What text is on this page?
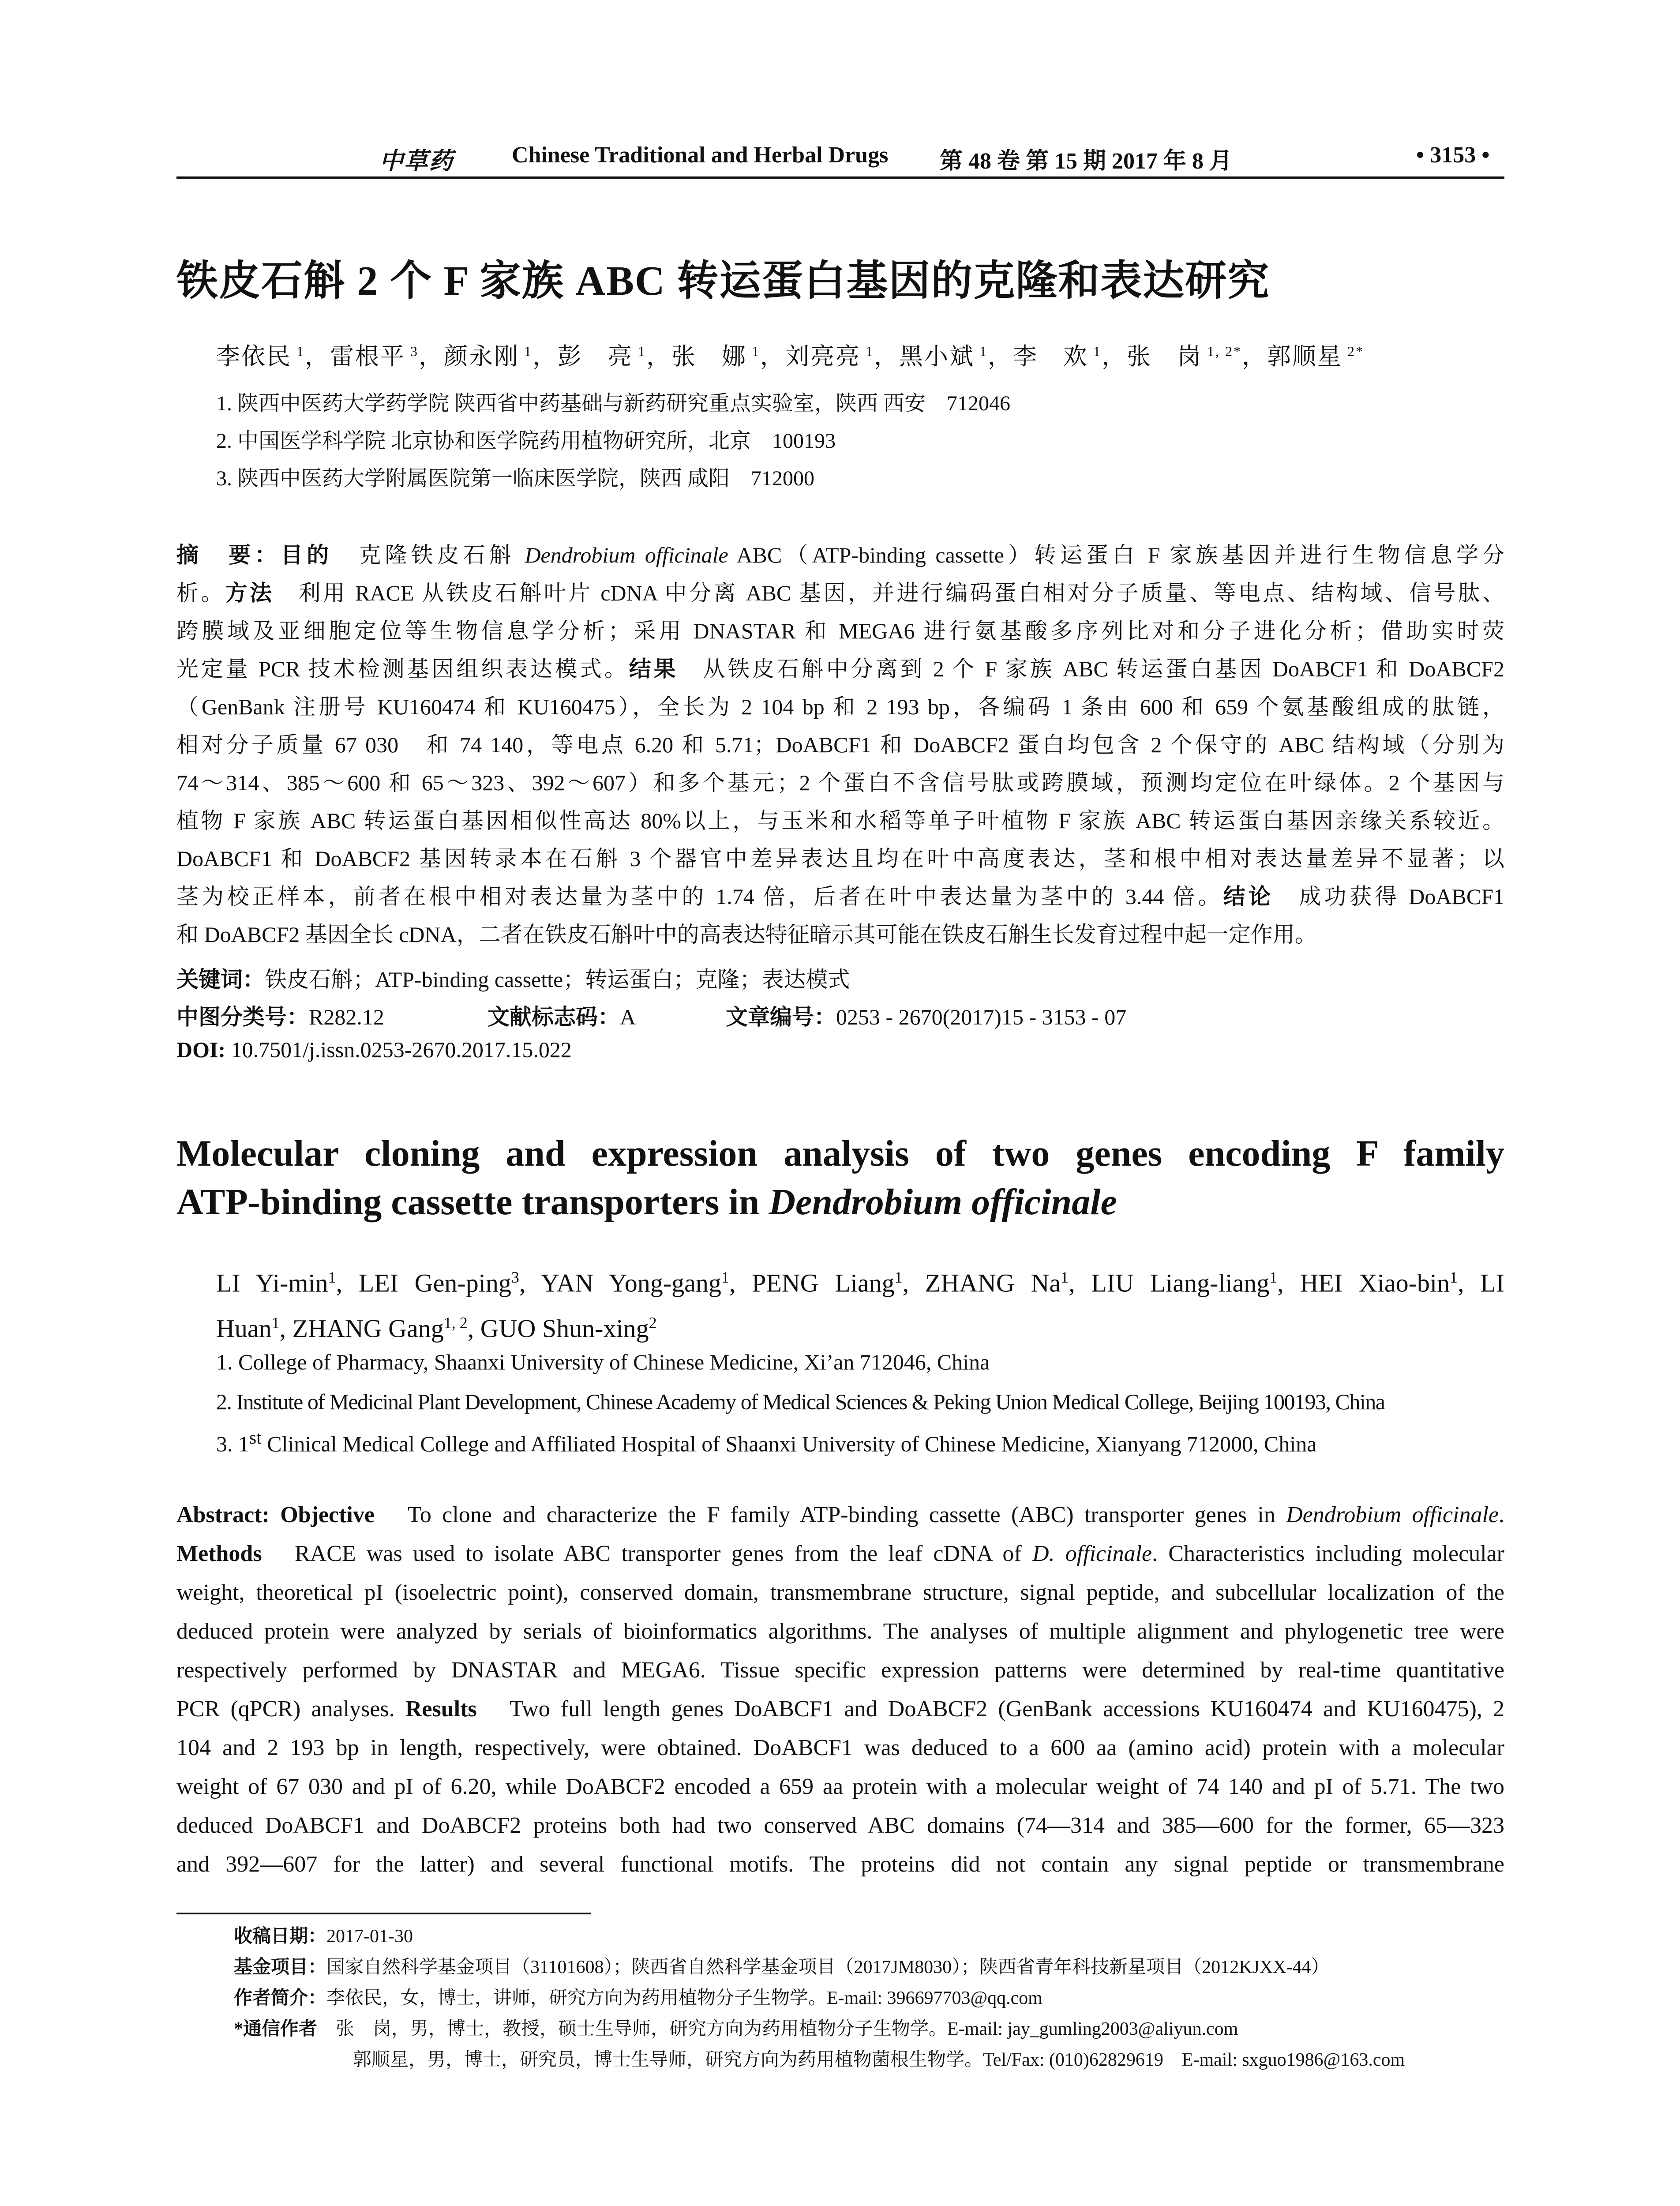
中草药	Chinese Traditional and Herbal Drugs 第 48 卷 第 15 期 2017 年 8 月	• 3153 •
铁皮石斛 2 个 F 家族 ABC 转运蛋白基因的克隆和表达研究
李依民 $^1$，雷根平 $^3$，颜永刚 $^1$，彭　亮 $^1$，张　娜 $^1$，刘亮亮 $^1$，黑小斌 $^1$，李　欢 $^1$，张　岗 $^{1, 2*}$，郭顺星 $^{2*}$
1. 陕西中医药大学药学院 陕西省中药基础与新药研究重点实验室，陕西 西安　712046
2. 中国医学科学院 北京协和医学院药用植物研究所，北京　100193
3. 陕西中医药大学附属医院第一临床医学院，陕西 咸阳　712000
摘　要：目的　克隆铁皮石斛 Dendrobium officinale ABC（ATP-binding cassette）转运蛋白 F 家族基因并进行生物信息学分
析。方法　利用 RACE 从铁皮石斛叶片 cDNA 中分离 ABC 基因，并进行编码蛋白相对分子质量、等电点、结构域、信号肽、
跨膜域及亚细胞定位等生物信息学分析；采用 DNASTAR 和 MEGA6 进行氨基酸多序列比对和分子进化分析；借助实时荧
光定量 PCR 技术检测基因组织表达模式。结果　从铁皮石斛中分离到 2 个 F 家族 ABC 转运蛋白基因 DoABCF1 和 DoABCF2
（GenBank 注册号 KU160474 和 KU160475），全长为 2 104 bp 和 2 193 bp，各编码 1 条由 600 和 659 个氨基酸组成的肽链，
相对分子质量 67 030　和 74 140，等电点 6.20 和 5.71；DoABCF1 和 DoABCF2 蛋白均包含 2 个保守的 ABC 结构域（分别为
74～314、385～600 和 65～323、392～607）和多个基元；2 个蛋白不含信号肽或跨膜域，预测均定位在叶绿体。2 个基因与
植物 F 家族 ABC 转运蛋白基因相似性高达 80%以上，与玉米和水稻等单子叶植物 F 家族 ABC 转运蛋白基因亲缘关系较近。
DoABCF1 和 DoABCF2 基因转录本在石斛 3 个器官中差异表达且均在叶中高度表达，茎和根中相对表达量差异不显著；以
茎为校正样本，前者在根中相对表达量为茎中的 1.74 倍，后者在叶中表达量为茎中的 3.44 倍。结论　成功获得 DoABCF1
和 DoABCF2 基因全长 cDNA，二者在铁皮石斛叶中的高表达特征暗示其可能在铁皮石斛生长发育过程中起一定作用。
关键词：铁皮石斛；ATP-binding cassette；转运蛋白；克隆；表达模式
中图分类号：R282.12	文献标志码：A	文章编号：0253 - 2670(2017)15 - 3153 - 07
DOI: 10.7501/j.issn.0253-2670.2017.15.022
Molecular cloning and expression analysis of two genes encoding F family
ATP-binding cassette transporters in Dendrobium officinale
LI $Yi-\min^1$, LEI Gen-ping$^3$, YAN Yong-gang$^1$, PENG Liang$^1$, ZHANG Na$^1$, LIU Liang-liang$^1$, HEI Xiao-bin$^1$, LI
Huan$^1$, ZHANG Gang$^{1, 2}$, GUO Shun-xing$^2$
1. College of Pharmacy, Shaanxi University of Chinese Medicine, Xi’an 712046, China
2. Institute of Medicinal Plant Development, Chinese Academy of Medical Sciences & Peking Union Medical College, Beijing 100193, China
3. 1st Clinical Medical College and Affiliated Hospital of Shaanxi University of Chinese Medicine, Xianyang 712000, China
Abstract: Objective　To clone and characterize the F family ATP-binding cassette (ABC) transporter genes in Dendrobium officinale.
Methods　RACE was used to isolate ABC transporter genes from the leaf cDNA of D. officinale. Characteristics including molecular
weight, theoretical pI (isoelectric point), conserved domain, transmembrane structure, signal peptide, and subcellular localization of the
deduced protein were analyzed by serials of bioinformatics algorithms. The analyses of multiple alignment and phylogenetic tree were
respectively performed by DNASTAR and MEGA6. Tissue specific expression patterns were determined by real-time quantitative
PCR (qPCR) analyses. Results　Two full length genes DoABCF1 and DoABCF2 (GenBank accessions KU160474 and KU160475), 2
104 and 2 193 bp in length, respectively, were obtained. DoABCF1 was deduced to a 600 aa (amino acid) protein with a molecular
weight of 67 030 and pI of 6.20, while DoABCF2 encoded a 659 aa protein with a molecular weight of 74 140 and pI of 5.71. The two
deduced DoABCF1 and DoABCF2 proteins both had two conserved ABC domains (74—314 and 385—600 for the former, 65—323
and 392—607 for the latter) and several functional motifs. The proteins did not contain any signal peptide or transmembrane
收稿日期：2017-01-30
基金项目：国家自然科学基金项目（31101608）；陕西省自然科学基金项目（2017JM8030）；陕西省青年科技新星项目（2012KJXX-44）
作者简介：李依民，女，博士，讲师，研究方向为药用植物分子生物学。E-mail: 396697703@qq.com
*通信作者　 张　岗，男，博士，教授，硕士生导师，研究方向为药用植物分子生物学。E-mail: jay_gumling2003@aliyun.com
郭顺星，男，博士，研究员，博士生导师，研究方向为药用植物菌根生物学。Tel/Fax: (010)62829619　E-mail: sxguo1986@163.com
